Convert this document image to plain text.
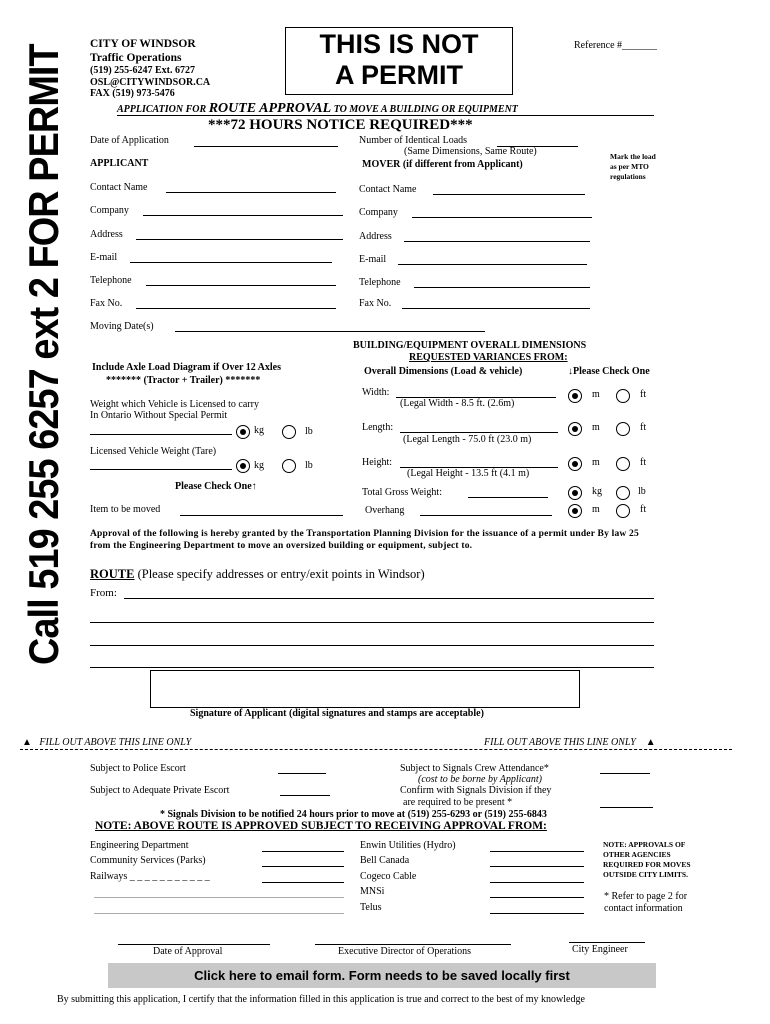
Call 519 255 6257 ext 2 FOR PERMIT
CITY OF WINDSOR
Traffic Operations
(519) 255-6247 Ext. 6727
OSL@CITYWINDSOR.CA
FAX (519) 973-5476
THIS IS NOT
A PERMIT
Reference #_______
APPLICATION FOR ROUTE APPROVAL TO MOVE A BUILDING OR EQUIPMENT
***72 HOURS NOTICE REQUIRED***
Date of Application
APPLICANT
Contact Name
Company
Address
E-mail
Telephone
Fax No.
Moving Date(s)
Number of Identical Loads
(Same Dimensions, Same Route)
MOVER (if different from Applicant)
Mark the load
as per MTO
regulations
Contact Name
Company
Address
E-mail
Telephone
Fax No.
BUILDING/EQUIPMENT OVERALL DIMENSIONS
REQUESTED VARIANCES FROM:
Overall Dimensions (Load & vehicle)	↓Please Check One
Width:
(Legal Width - 8.5 ft. (2.6m)
m	ft
Length:
(Legal Length - 75.0 ft (23.0 m)
m	ft
Height:
(Legal Height - 13.5 ft (4.1 m)
m	ft
Total Gross Weight:	kg	lb
Overhang	m	ft
Include Axle Load Diagram if Over 12 Axles
******* (Tractor + Trailer) *******
Weight which Vehicle is Licensed to carry
In Ontario Without Special Permit
kg	lb
Licensed Vehicle Weight (Tare)
kg	lb
Please Check One↑
Item to be moved
Approval of the following is hereby granted by the Transportation Planning Division for the issuance of a permit under By law 25 from the Engineering Department to move an oversized building or equipment, subject to.
ROUTE (Please specify addresses or entry/exit points in Windsor)
From:
Signature of Applicant (digital signatures and stamps are acceptable)
▲   FILL OUT ABOVE THIS LINE ONLY	FILL OUT ABOVE THIS LINE ONLY    ▲
Subject to Police Escort
Subject to Adequate Private Escort
Subject to Signals Crew Attendance*
(cost to be borne by Applicant)
Confirm with Signals Division if they
are required to be present *
* Signals Division to be notified 24 hours prior to move at (519) 255-6293 or (519) 255-6843
NOTE: ABOVE ROUTE IS APPROVED SUBJECT TO RECEIVING APPROVAL FROM:
Engineering Department
Community Services (Parks)
Railways _ _ _ _ _ _ _ _ _ _ _
Enwin Utilities (Hydro)
Bell Canada
Cogeco Cable
MNSi
Telus
NOTE: APPROVALS OF
OTHER AGENCIES
REQUIRED FOR MOVES
OUTSIDE CITY LIMITS.
* Refer to page 2 for
contact information
Date of Approval	Executive Director of Operations	City Engineer
Click here to email form. Form needs to be saved locally first
By submitting this application, I certify that the information filled in this application is true and correct to the best of my knowledge
